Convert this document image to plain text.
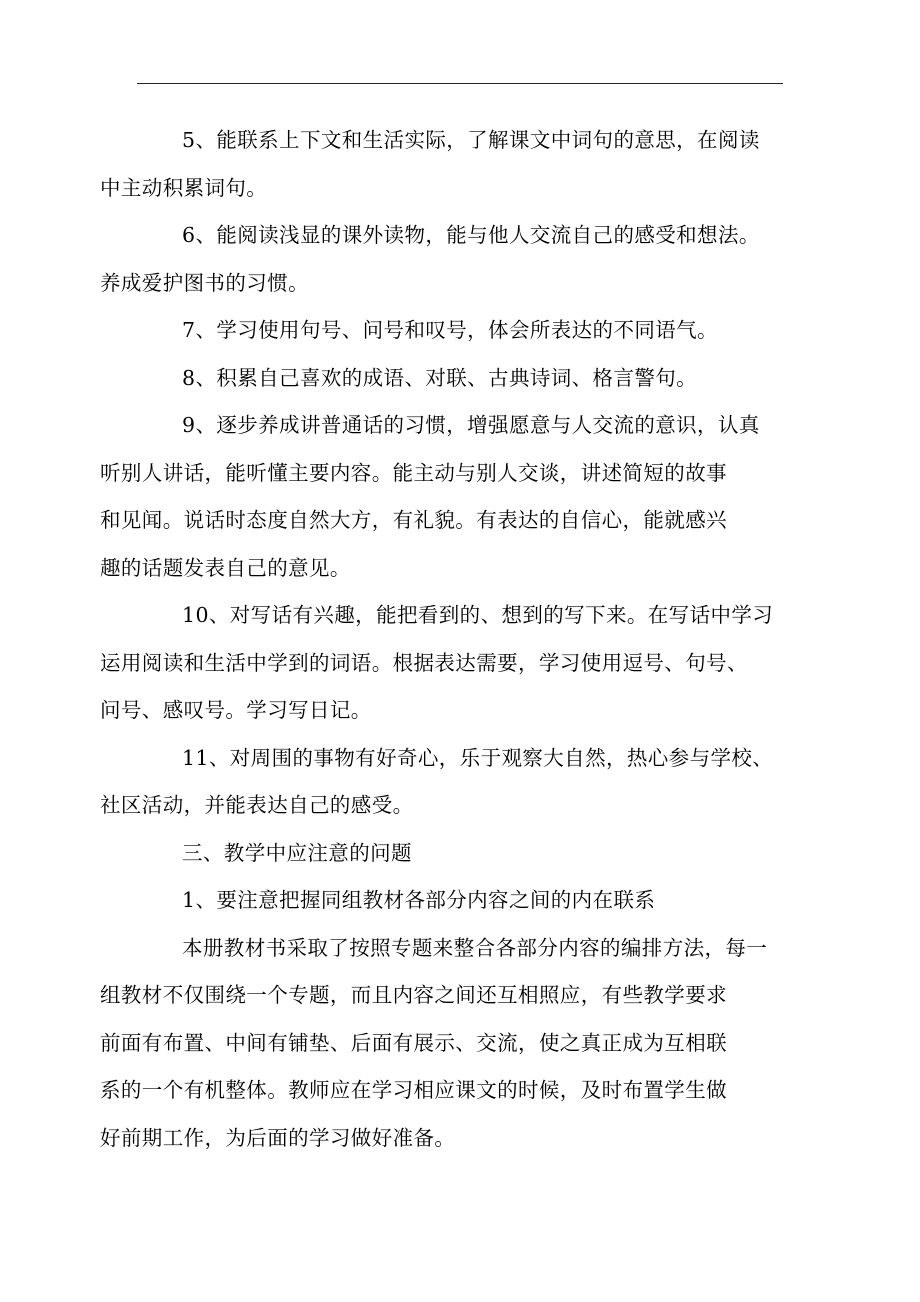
5、能联系上下文和生活实际，了解课文中词句的意思，在阅读
中主动积累词句。

6、能阅读浅显的课外读物，能与他人交流自己的感受和想法。
养成爱护图书的习惯。

7、学习使用句号、问号和叹号，体会所表达的不同语气。

8、积累自己喜欢的成语、对联、古典诗词、格言警句。

9、逐步养成讲普通话的习惯，增强愿意与人交流的意识，认真
听别人讲话，能听懂主要内容。能主动与别人交谈，讲述简短的故事
和见闻。说话时态度自然大方，有礼貌。有表达的自信心，能就感兴
趣的话题发表自己的意见。

10、对写话有兴趣，能把看到的、想到的写下来。在写话中学习
运用阅读和生活中学到的词语。根据表达需要，学习使用逗号、句号、
问号、感叹号。学习写日记。

11、对周围的事物有好奇心，乐于观察大自然，热心参与学校、
社区活动，并能表达自己的感受。

三、教学中应注意的问题

1、要注意把握同组教材各部分内容之间的内在联系

本册教材书采取了按照专题来整合各部分内容的编排方法，每一
组教材不仅围绕一个专题，而且内容之间还互相照应，有些教学要求
前面有布置、中间有铺垫、后面有展示、交流，使之真正成为互相联
系的一个有机整体。教师应在学习相应课文的时候，及时布置学生做
好前期工作，为后面的学习做好准备。
